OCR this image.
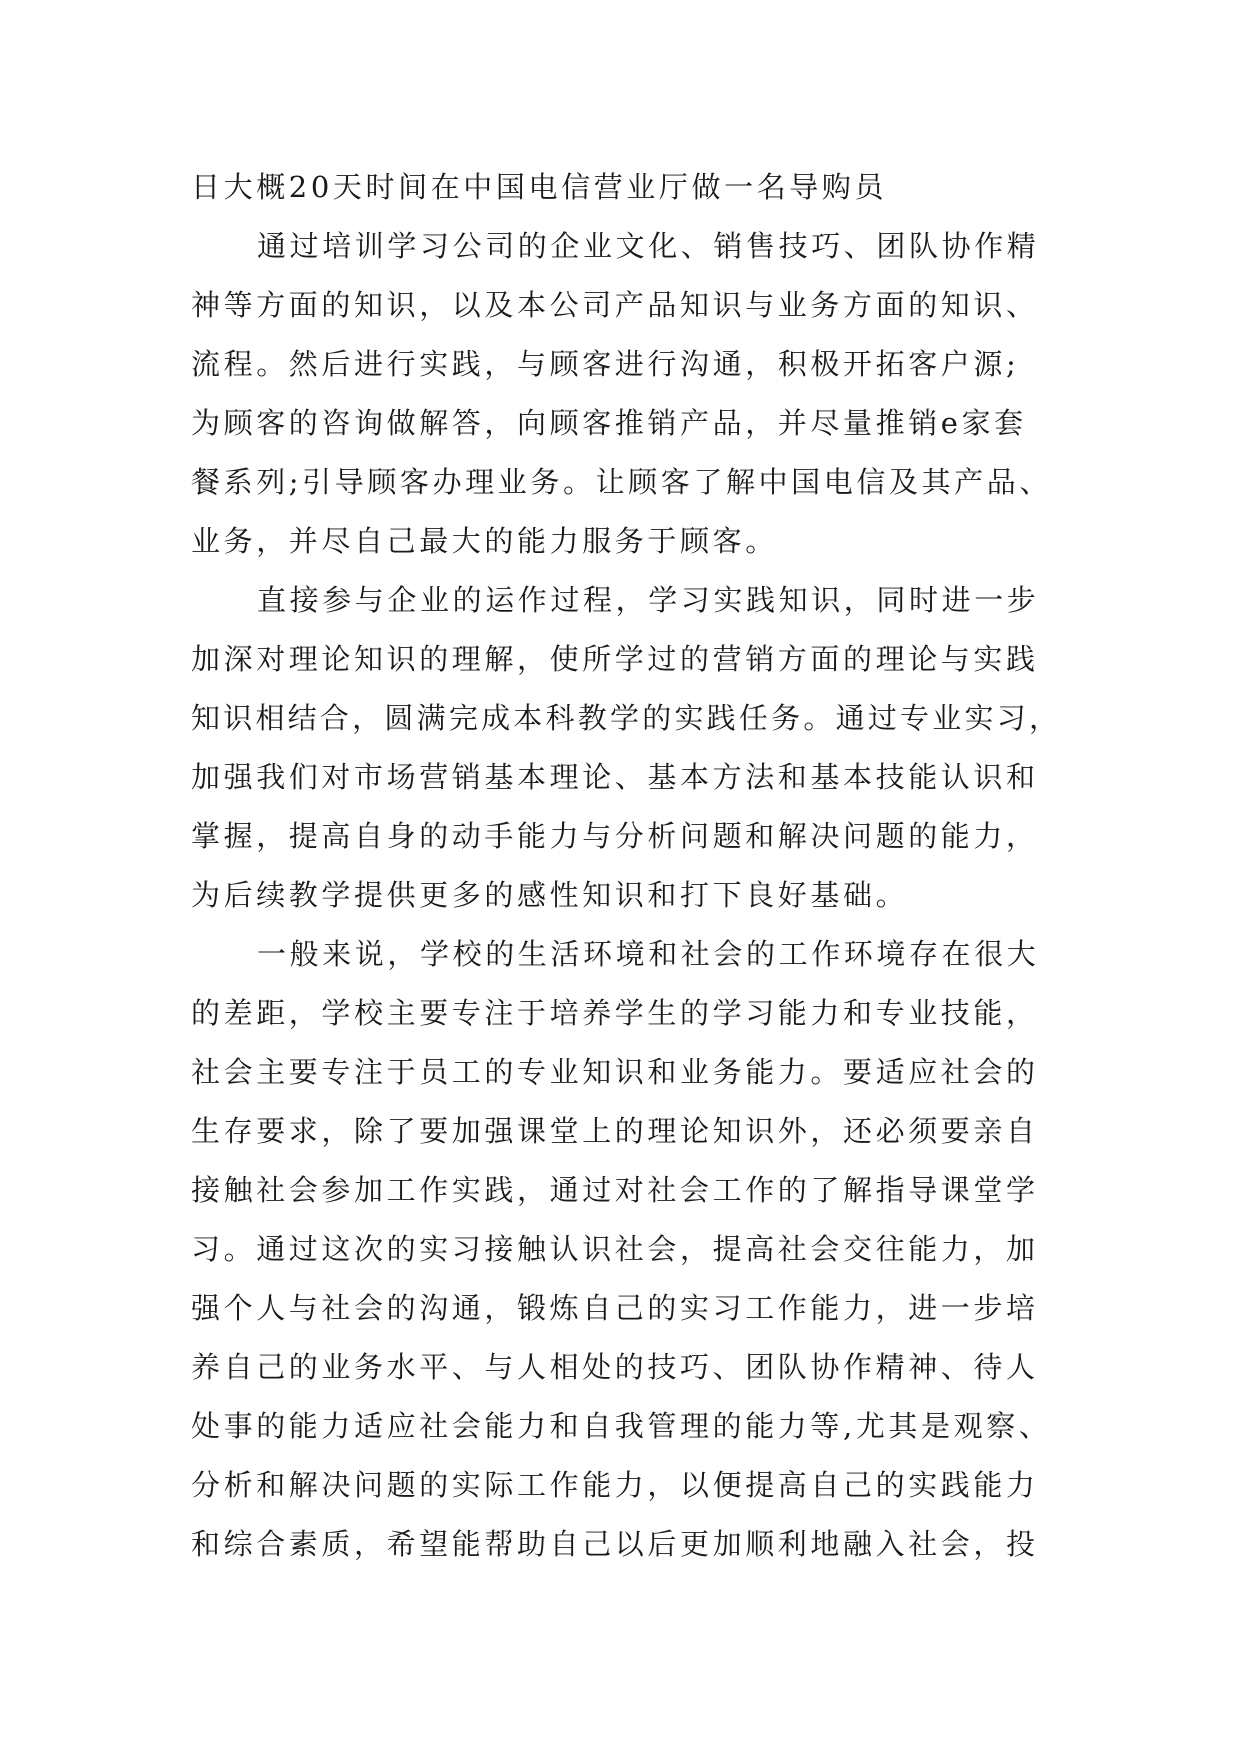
日大概20天时间在中国电信营业厅做一名导购员
通过培训学习公司的企业文化、销售技巧、团队协作精
神等方面的知识，以及本公司产品知识与业务方面的知识、
流程。然后进行实践，与顾客进行沟通，积极开拓客户源;
为顾客的咨询做解答，向顾客推销产品，并尽量推销e家套
餐系列;引导顾客办理业务。让顾客了解中国电信及其产品、
业务，并尽自己最大的能力服务于顾客。
直接参与企业的运作过程，学习实践知识，同时进一步
加深对理论知识的理解，使所学过的营销方面的理论与实践
知识相结合，圆满完成本科教学的实践任务。通过专业实习，
加强我们对市场营销基本理论、基本方法和基本技能认识和
掌握，提高自身的动手能力与分析问题和解决问题的能力，
为后续教学提供更多的感性知识和打下良好基础。
一般来说，学校的生活环境和社会的工作环境存在很大
的差距，学校主要专注于培养学生的学习能力和专业技能，
社会主要专注于员工的专业知识和业务能力。要适应社会的
生存要求，除了要加强课堂上的理论知识外，还必须要亲自
接触社会参加工作实践，通过对社会工作的了解指导课堂学
习。通过这次的实习接触认识社会，提高社会交往能力，加
强个人与社会的沟通，锻炼自己的实习工作能力，进一步培
养自己的业务水平、与人相处的技巧、团队协作精神、待人
处事的能力适应社会能力和自我管理的能力等,尤其是观察、
分析和解决问题的实际工作能力，以便提高自己的实践能力
和综合素质，希望能帮助自己以后更加顺利地融入社会，投
